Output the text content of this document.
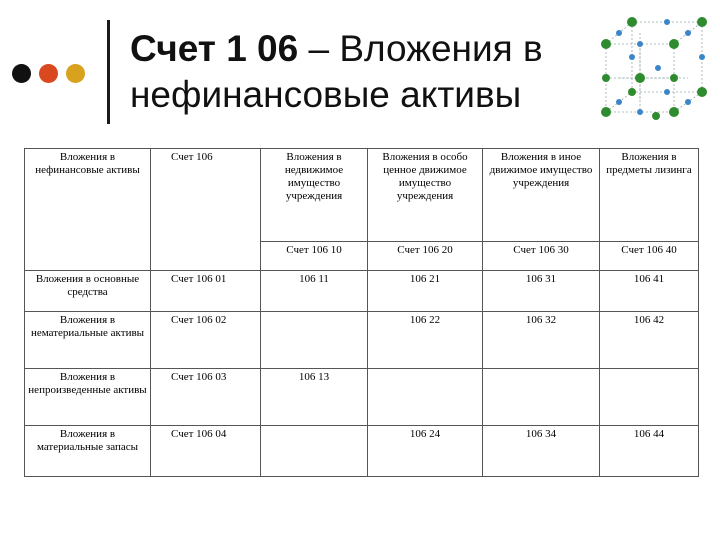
Счет 1 06 – Вложения в нефинансовые активы
Вложения в нефинансовые активы	Счет 106	Вложения в недвижимое имущество учреждения	Вложения в особо ценное движимое имущество учреждения	Вложения в иное движимое имущество учреждения	Вложения в предметы лизинга
		Счет 106 10	Счет 106 20	Счет 106 30	Счет 106 40
Вложения в основные средства	Счет 106 01	106 11	106 21	106 31	106 41
Вложения в нематериальные активы	Счет 106 02		106 22	106 32	106 42
Вложения в непроизведенные активы	Счет 106 03	106 13			
Вложения в материальные запасы	Счет 106 04		106 24	106 34	106 44
